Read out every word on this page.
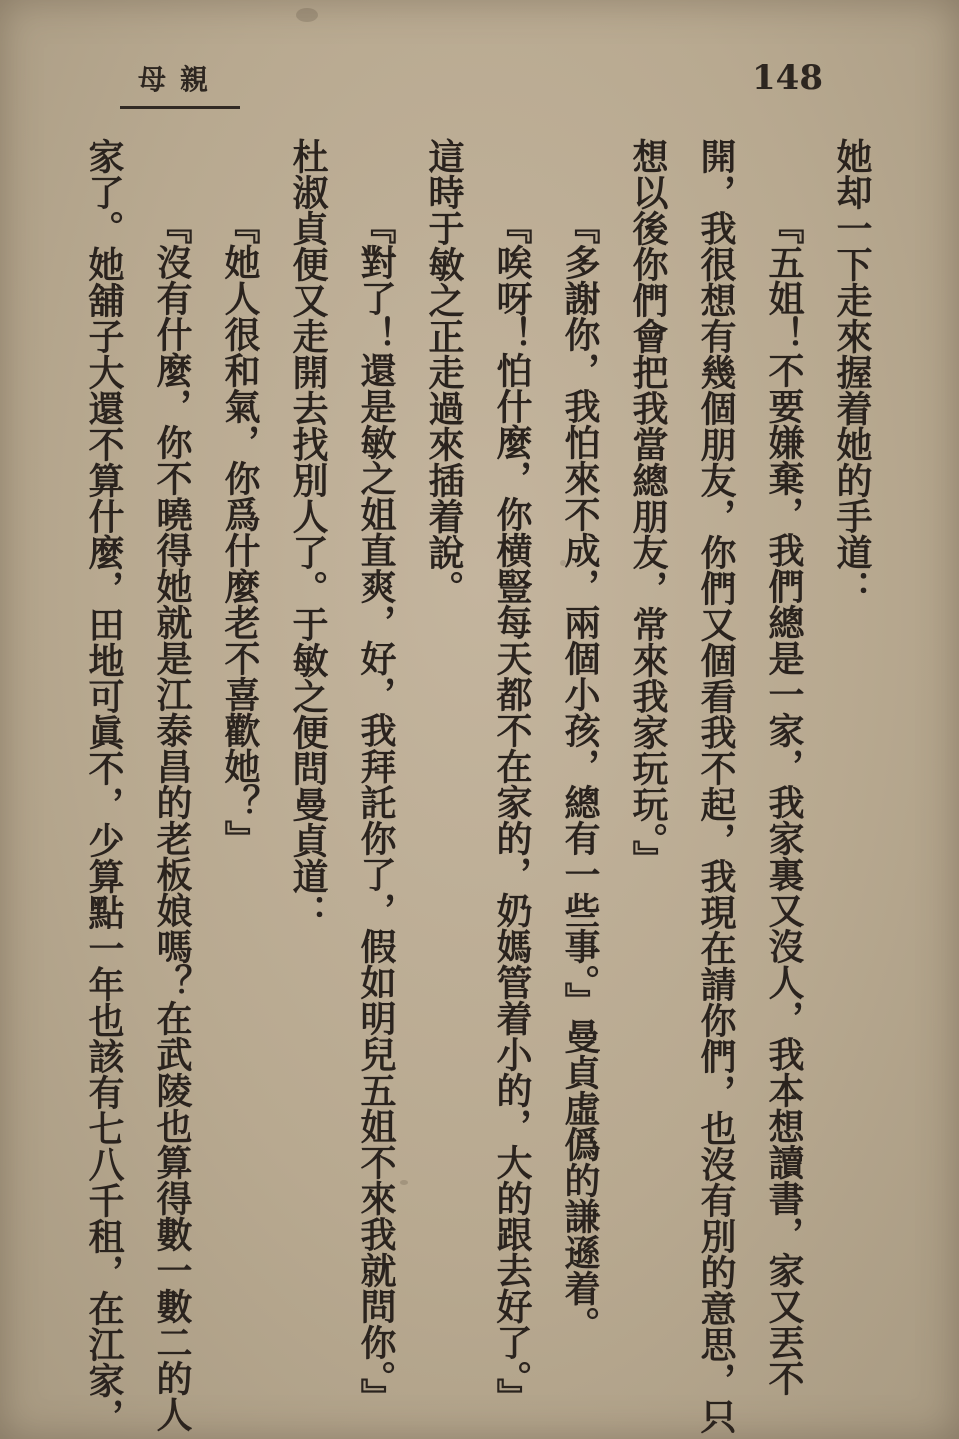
148
母親
她却一下走來握着她的手道：
『五姐！不要嫌棄，我們總是一家，我家裏又沒人，我本想讀書，家又丟不
開，我很想有幾個朋友，你們又個看我不起，我現在請你們，也沒有別的意思，只
想以後你們會把我當總朋友，常來我家玩玩。』
『多謝你，我怕來不成，兩個小孩，總有一些事。』曼貞虛僞的謙遜着。
『唉呀！怕什麼，你横豎每天都不在家的，奶媽管着小的，大的跟去好了。』
這時于敏之正走過來插着說。
『對了！還是敏之姐直爽，好，我拜託你了，假如明兒五姐不來我就問你。』
杜淑貞便又走開去找別人了。于敏之便問曼貞道：
『她人很和氣，你爲什麼老不喜歡她？』
『沒有什麼，你不曉得她就是江泰昌的老板娘嗎？在武陵也算得數一數二的人
家了。她舖子大還不算什麼，田地可眞不，少算點一年也該有七八千租，在江家，
